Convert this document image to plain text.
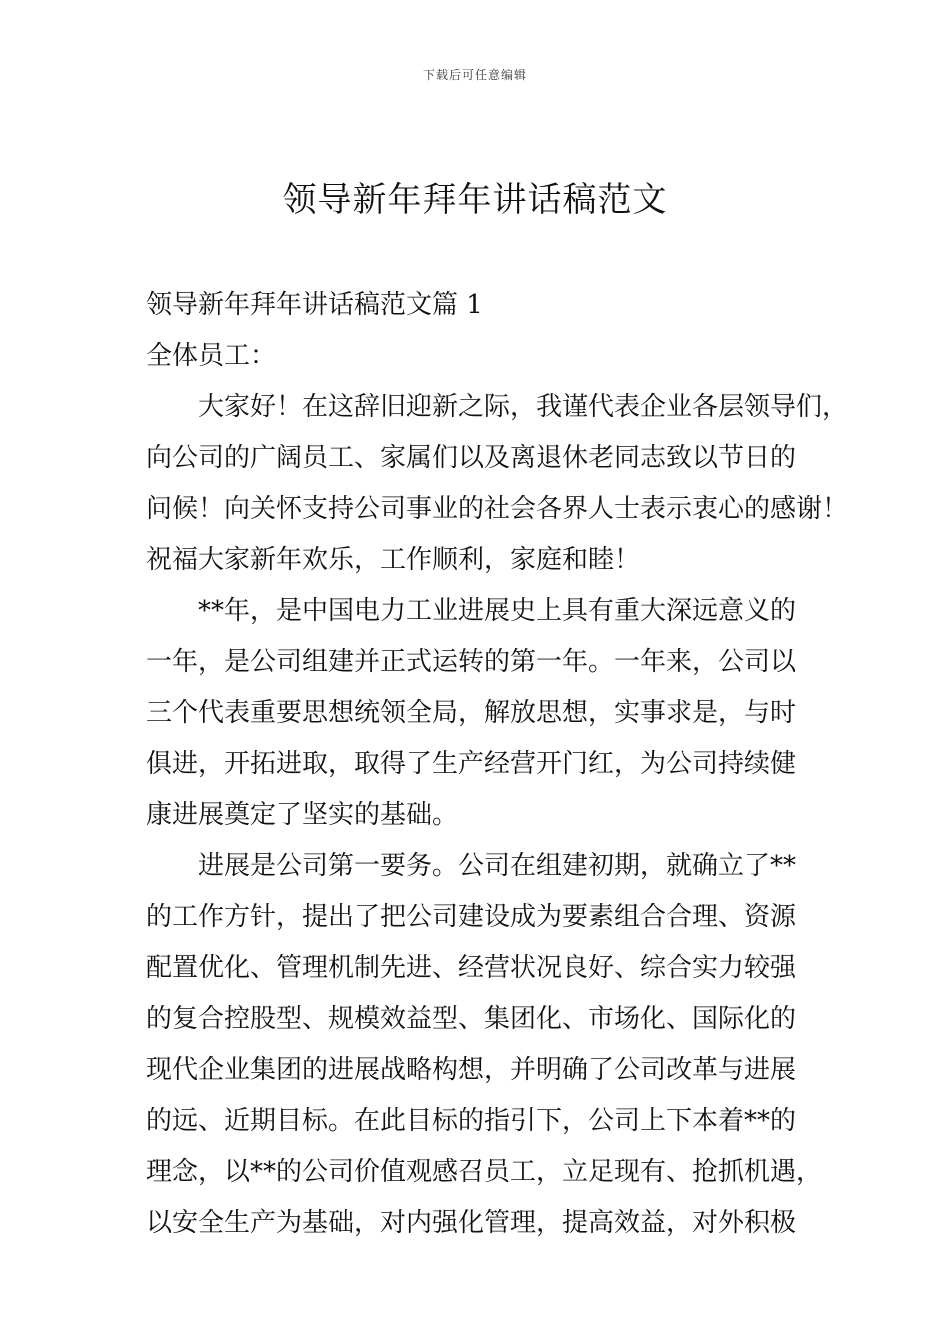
下载后可任意编辑
领导新年拜年讲话稿范文
领导新年拜年讲话稿范文篇 1
全体员工：
大家好！在这辞旧迎新之际，我谨代表企业各层领导们，
向公司的广阔员工、家属们以及离退休老同志致以节日的
问候！向关怀支持公司事业的社会各界人士表示衷心的感谢！
祝福大家新年欢乐，工作顺利，家庭和睦！
**年，是中国电力工业进展史上具有重大深远意义的
一年，是公司组建并正式运转的第一年。一年来，公司以
三个代表重要思想统领全局，解放思想，实事求是，与时
俱进，开拓进取，取得了生产经营开门红，为公司持续健
康进展奠定了坚实的基础。
进展是公司第一要务。公司在组建初期，就确立了**
的工作方针，提出了把公司建设成为要素组合合理、资源
配置优化、管理机制先进、经营状况良好、综合实力较强
的复合控股型、规模效益型、集团化、市场化、国际化的
现代企业集团的进展战略构想，并明确了公司改革与进展
的远、近期目标。在此目标的指引下，公司上下本着**的
理念，以**的公司价值观感召员工，立足现有、抢抓机遇，
以安全生产为基础，对内强化管理，提高效益，对外积极
